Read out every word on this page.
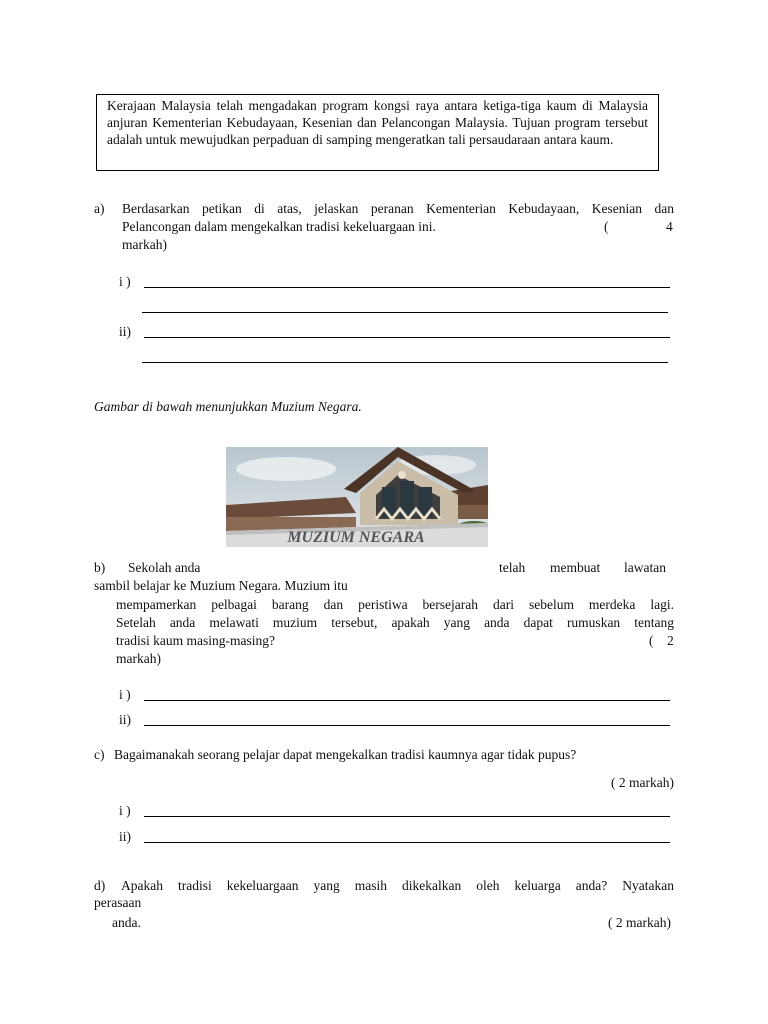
Kerajaan Malaysia telah mengadakan program kongsi raya antara ketiga-tiga kaum di Malaysia anjuran Kementerian Kebudayaan, Kesenian dan Pelancongan Malaysia. Tujuan program tersebut adalah untuk mewujudkan perpaduan di samping mengeratkan tali persaudaraan antara kaum.
a) Berdasarkan petikan di atas, jelaskan peranan Kementerian Kebudayaan, Kesenian dan
Pelancongan dalam mengekalkan tradisi kekeluargaan ini.	(	4
markah)
i )
ii)
Gambar di bawah menunjukkan Muzium Negara.
MUZIUM NEGARA
b) Sekolah anda	telah membuat lawatan
sambil belajar ke Muzium Negara. Muzium itu
mempamerkan pelbagai barang dan peristiwa bersejarah dari sebelum merdeka lagi.
Setelah anda melawati muzium tersebut, apakah yang anda dapat rumuskan tentang
tradisi kaum masing-masing?	( 2
markah)
i )
ii)
c) Bagaimanakah seorang pelajar dapat mengekalkan tradisi kaumnya agar tidak pupus?
( 2 markah)
i )
ii)
d) Apakah tradisi kekeluargaan yang masih dikekalkan oleh keluarga anda? Nyatakan
perasaan
anda.	( 2 markah)
